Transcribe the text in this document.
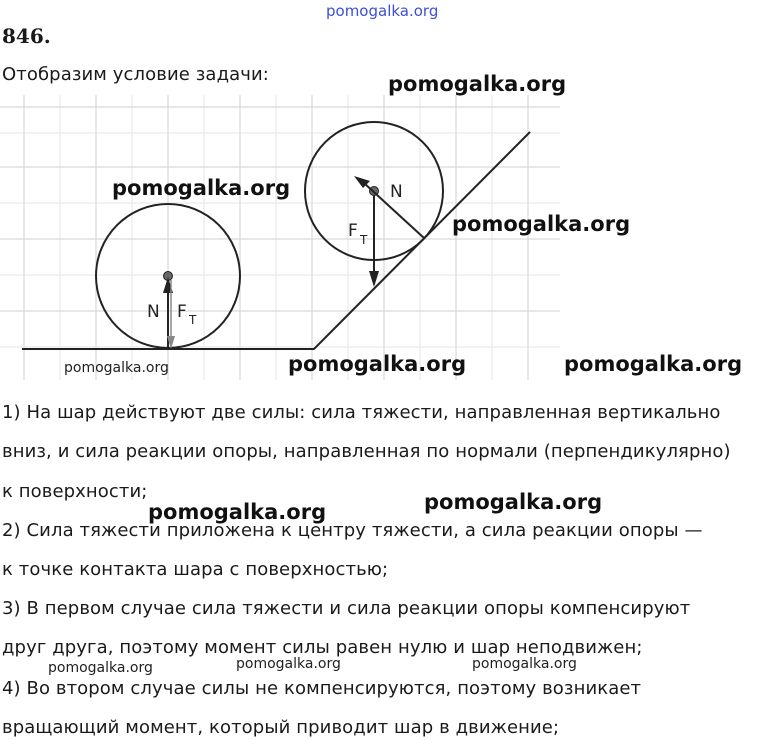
pomogalka.org
846.
Отобразим условие задачи:
N F T
N
F T
pomogalka.org
pomogalka.org
pomogalka.org
pomogalka.org	pomogalka.org	pomogalka.org
1) На шар действуют две силы: сила тяжести, направленная вертикально
вниз, и сила реакции опоры, направленная по нормали (перпендикулярно)
к поверхности;
2) Сила тяжести приложена к центру тяжести, а сила реакции опоры —
к точке контакта шара с поверхностью;
3) В первом случае сила тяжести и сила реакции опоры компенсируют
друг друга, поэтому момент силы равен нулю и шар неподвижен;
4) Во втором случае силы не компенсируются, поэтому возникает
вращающий момент, который приводит шар в движение;
pomogalka.org	pomogalka.org
pomogalka.org	pomogalka.org	pomogalka.org
